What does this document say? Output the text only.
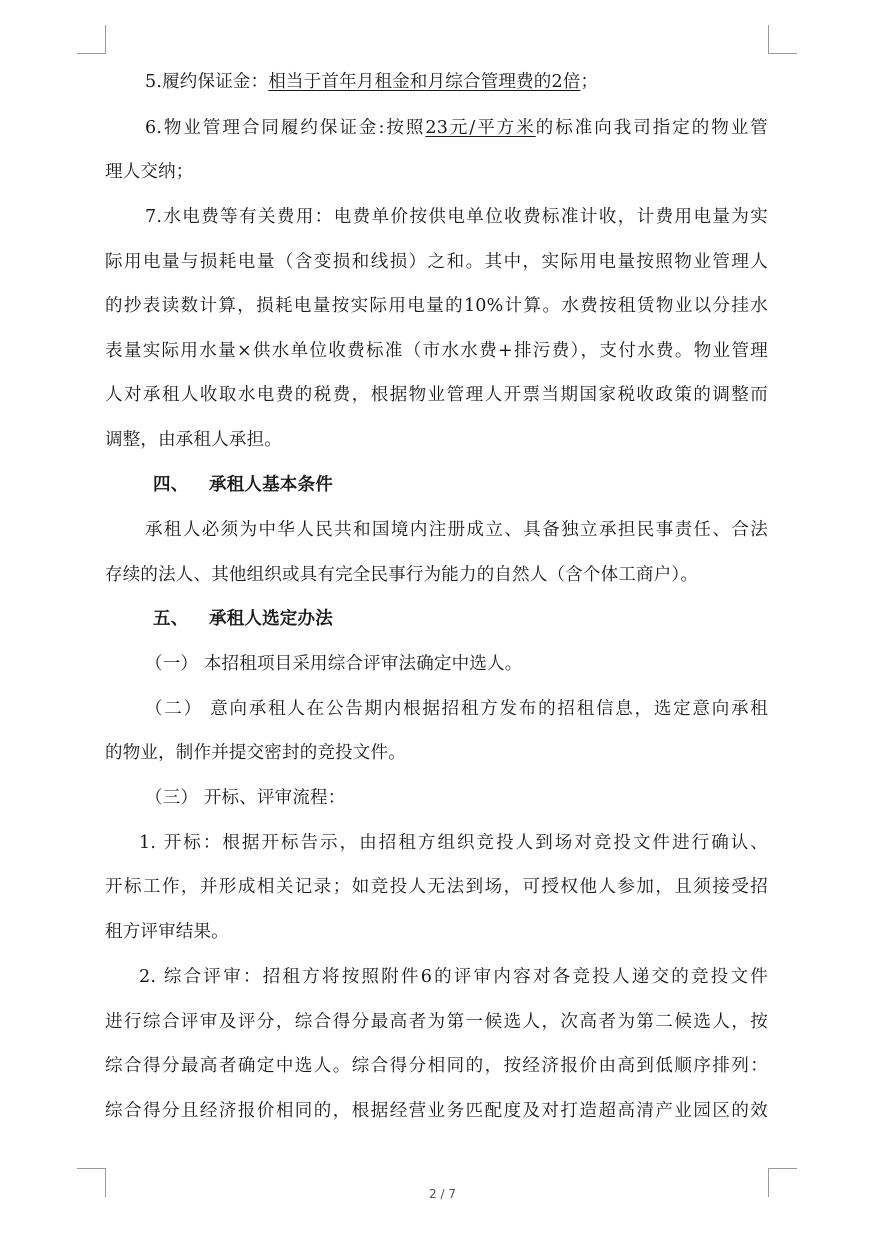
5.履约保证金：相当于首年月租金和月综合管理费的2倍；
6.物业管理合同履约保证金:按照23元/平方米的标准向我司指定的物业管
理人交纳；
7.水电费等有关费用：电费单价按供电单位收费标准计收，计费用电量为实
际用电量与损耗电量（含变损和线损）之和。其中，实际用电量按照物业管理人
的抄表读数计算，损耗电量按实际用电量的10%计算。水费按租赁物业以分挂水
表量实际用水量×供水单位收费标准（市水水费+排污费），支付水费。物业管理
人对承租人收取水电费的税费，根据物业管理人开票当期国家税收政策的调整而
调整，由承租人承担。
四、 承租人基本条件
承租人必须为中华人民共和国境内注册成立、具备独立承担民事责任、合法
存续的法人、其他组织或具有完全民事行为能力的自然人（含个体工商户）。
五、 承租人选定办法
（一） 本招租项目采用综合评审法确定中选人。
（二） 意向承租人在公告期内根据招租方发布的招租信息，选定意向承租
的物业，制作并提交密封的竞投文件。
（三） 开标、评审流程：
1. 开标：根据开标告示，由招租方组织竞投人到场对竞投文件进行确认、
开标工作，并形成相关记录；如竞投人无法到场，可授权他人参加，且须接受招
租方评审结果。
2. 综合评审：招租方将按照附件6的评审内容对各竞投人递交的竞投文件
进行综合评审及评分，综合得分最高者为第一候选人，次高者为第二候选人，按
综合得分最高者确定中选人。综合得分相同的，按经济报价由高到低顺序排列：
综合得分且经济报价相同的，根据经营业务匹配度及对打造超高清产业园区的效
2 / 7
